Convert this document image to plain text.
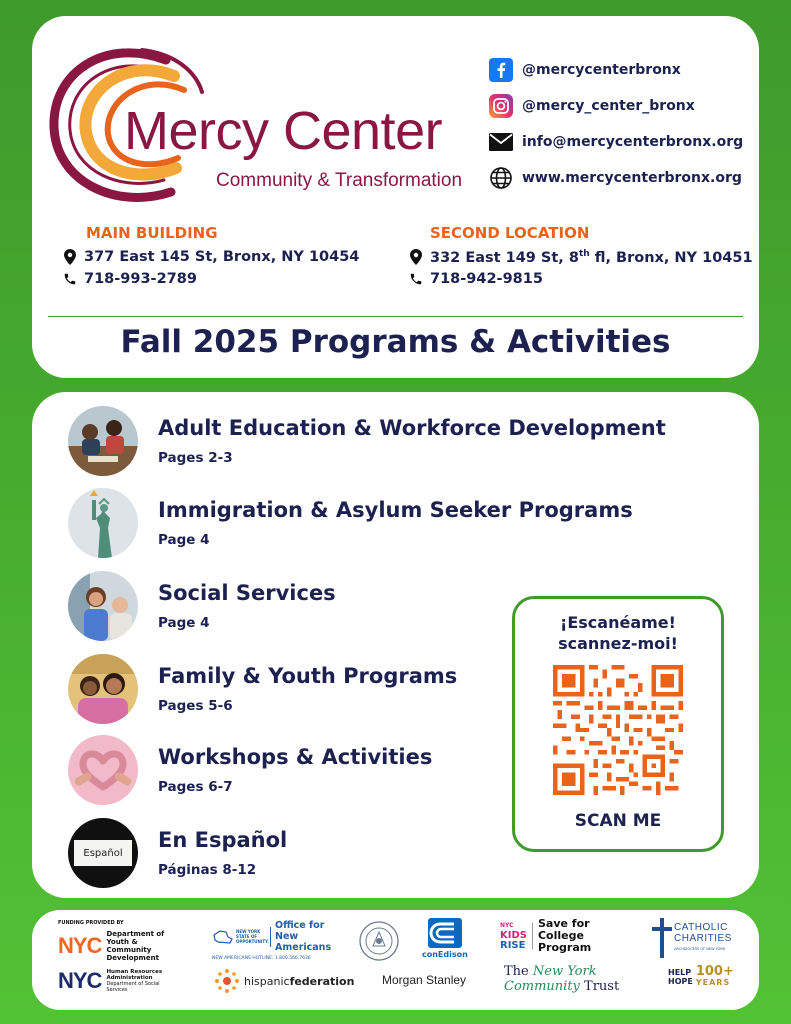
Mercy Center
Community & Transformation
@mercycenterbronx
@mercy_center_bronx
info@mercycenterbronx.org
www.mercycenterbronx.org
MAIN BUILDING
377 East 145 St, Bronx, NY 10454
718-993-2789
SECOND LOCATION
332 East 149 St, 8th fl, Bronx, NY 10451
718-942-9815
Fall 2025 Programs & Activities
Adult Education & Workforce Development
Pages 2-3
Immigration & Asylum Seeker Programs
Page 4
Social Services
Page 4
Family & Youth Programs
Pages 5-6
Workshops & Activities
Pages 6-7
Español
En Español
Páginas 8-12
¡Escanéame!
scannez-moi!
SCAN ME
FUNDING PROVIDED BY
NYC Department of Youth & Community Development
NYC Human Resources Administration
Department of Social Services
NEW YORK STATE OF OPPORTUNITY.
Office for New Americans
NEW AMERICANS HOTLINE: 1.800.566.7636
hispanicfederation
conEdison
Morgan Stanley
NYC
KIDS
RISE
Save for College Program
The New York
Community Trust
CATHOLIC
CHARITIES
ARCHDIOCESE OF NEW YORK
HELP
HOPE
100+
YEARS
